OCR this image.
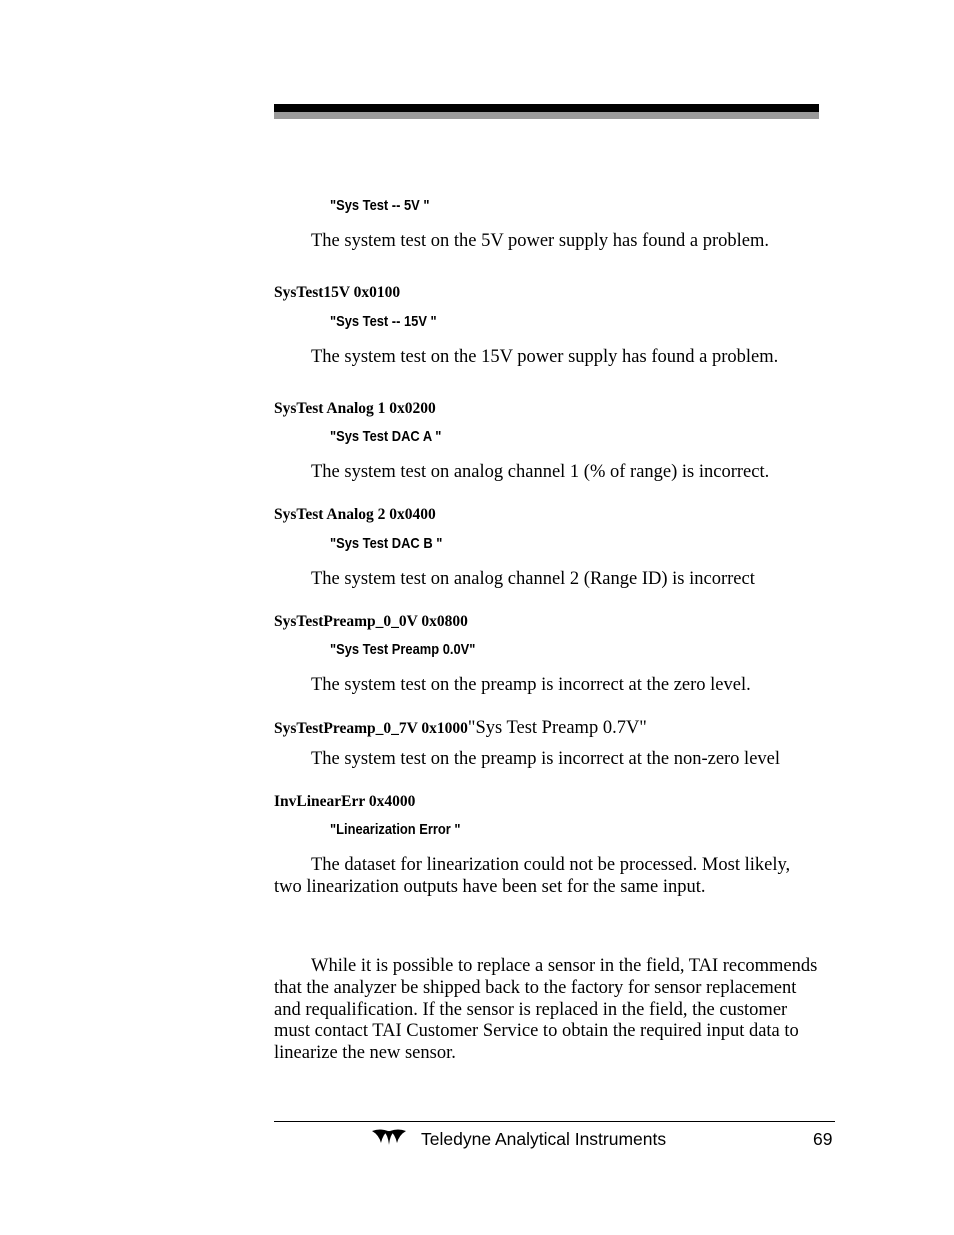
"Sys Test -- 5V "
The system test on the 5V power supply has found a problem.
SysTest15V 0x0100
"Sys Test -- 15V "
The system test on the 15V power supply has found a problem.
SysTest Analog 1 0x0200
"Sys Test DAC A "
The system test on analog channel 1 (% of range) is incorrect.
SysTest Analog 2 0x0400
"Sys Test DAC B "
The system test on analog channel 2 (Range ID) is incorrect
SysTestPreamp_0_0V 0x0800
"Sys Test Preamp 0.0V"
The system test on the preamp is incorrect at the zero level.
SysTestPreamp_0_7V 0x1000"Sys Test Preamp 0.7V"
The system test on the preamp is incorrect at the non-zero level
InvLinearErr 0x4000
"Linearization Error "
The dataset for linearization could not be processed. Most likely, two linearization outputs have been set for the same input.
While it is possible to replace a sensor in the field, TAI recommends that the analyzer be shipped back to the factory for sensor replacement and requalification. If the sensor is replaced in the field, the customer must contact TAI Customer Service to obtain the required input data to linearize the new sensor.
Teledyne Analytical Instruments	69
